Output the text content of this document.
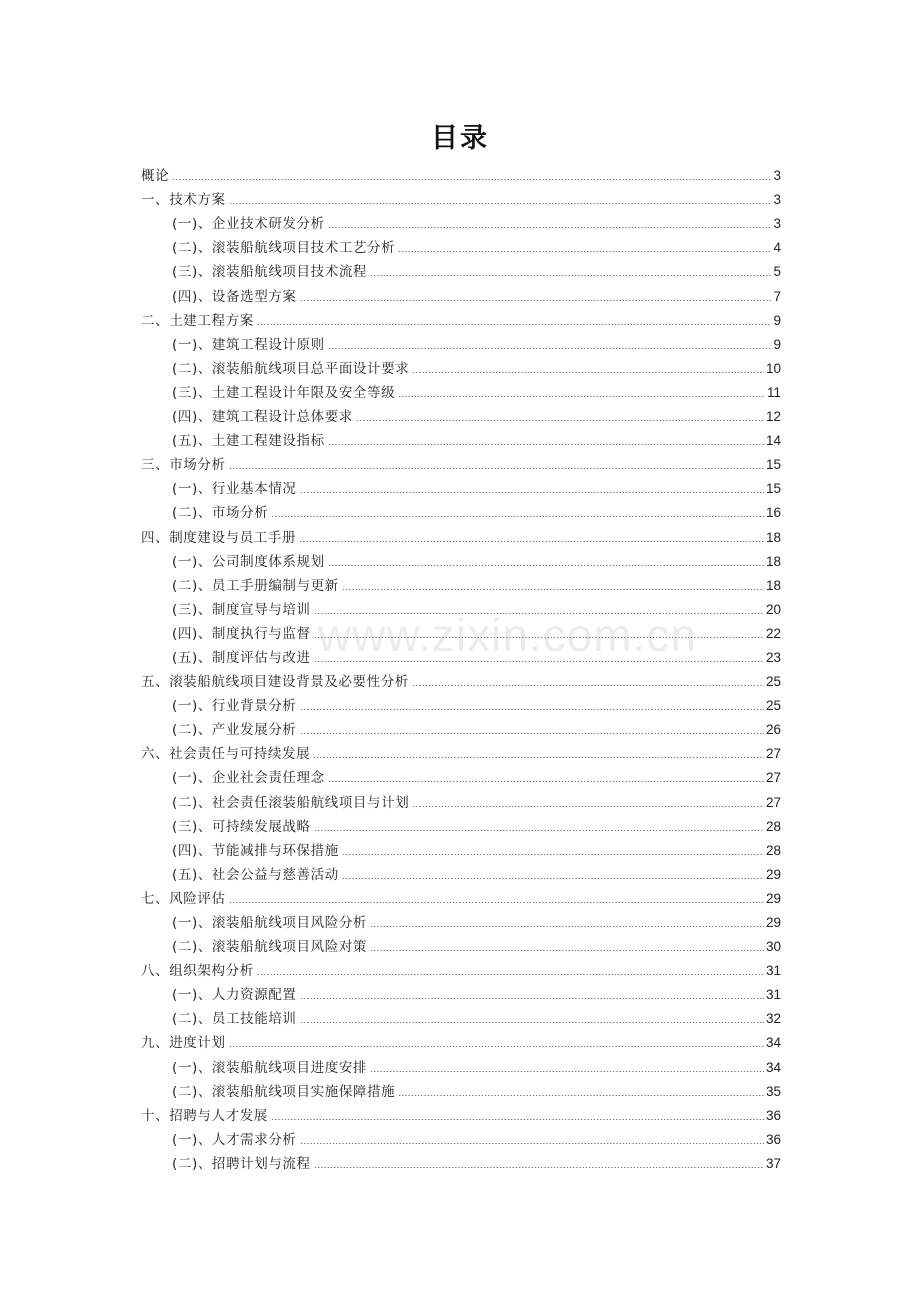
目录
概论	3
一、技术方案	3
(一)、企业技术研发分析	3
(二)、滚装船航线项目技术工艺分析	4
(三)、滚装船航线项目技术流程	5
(四)、设备选型方案	7
二、土建工程方案	9
(一)、建筑工程设计原则	9
(二)、滚装船航线项目总平面设计要求	10
(三)、土建工程设计年限及安全等级	11
(四)、建筑工程设计总体要求	12
(五)、土建工程建设指标	14
三、市场分析	15
(一)、行业基本情况	15
(二)、市场分析	16
四、制度建设与员工手册	18
(一)、公司制度体系规划	18
(二)、员工手册编制与更新	18
(三)、制度宣导与培训	20
(四)、制度执行与监督	22
(五)、制度评估与改进	23
五、滚装船航线项目建设背景及必要性分析	25
(一)、行业背景分析	25
(二)、产业发展分析	26
六、社会责任与可持续发展	27
(一)、企业社会责任理念	27
(二)、社会责任滚装船航线项目与计划	27
(三)、可持续发展战略	28
(四)、节能减排与环保措施	28
(五)、社会公益与慈善活动	29
七、风险评估	29
(一)、滚装船航线项目风险分析	29
(二)、滚装船航线项目风险对策	30
八、组织架构分析	31
(一)、人力资源配置	31
(二)、员工技能培训	32
九、进度计划	34
(一)、滚装船航线项目进度安排	34
(二)、滚装船航线项目实施保障措施	35
十、招聘与人才发展	36
(一)、人才需求分析	36
(二)、招聘计划与流程	37
www.zixin.com.cn
